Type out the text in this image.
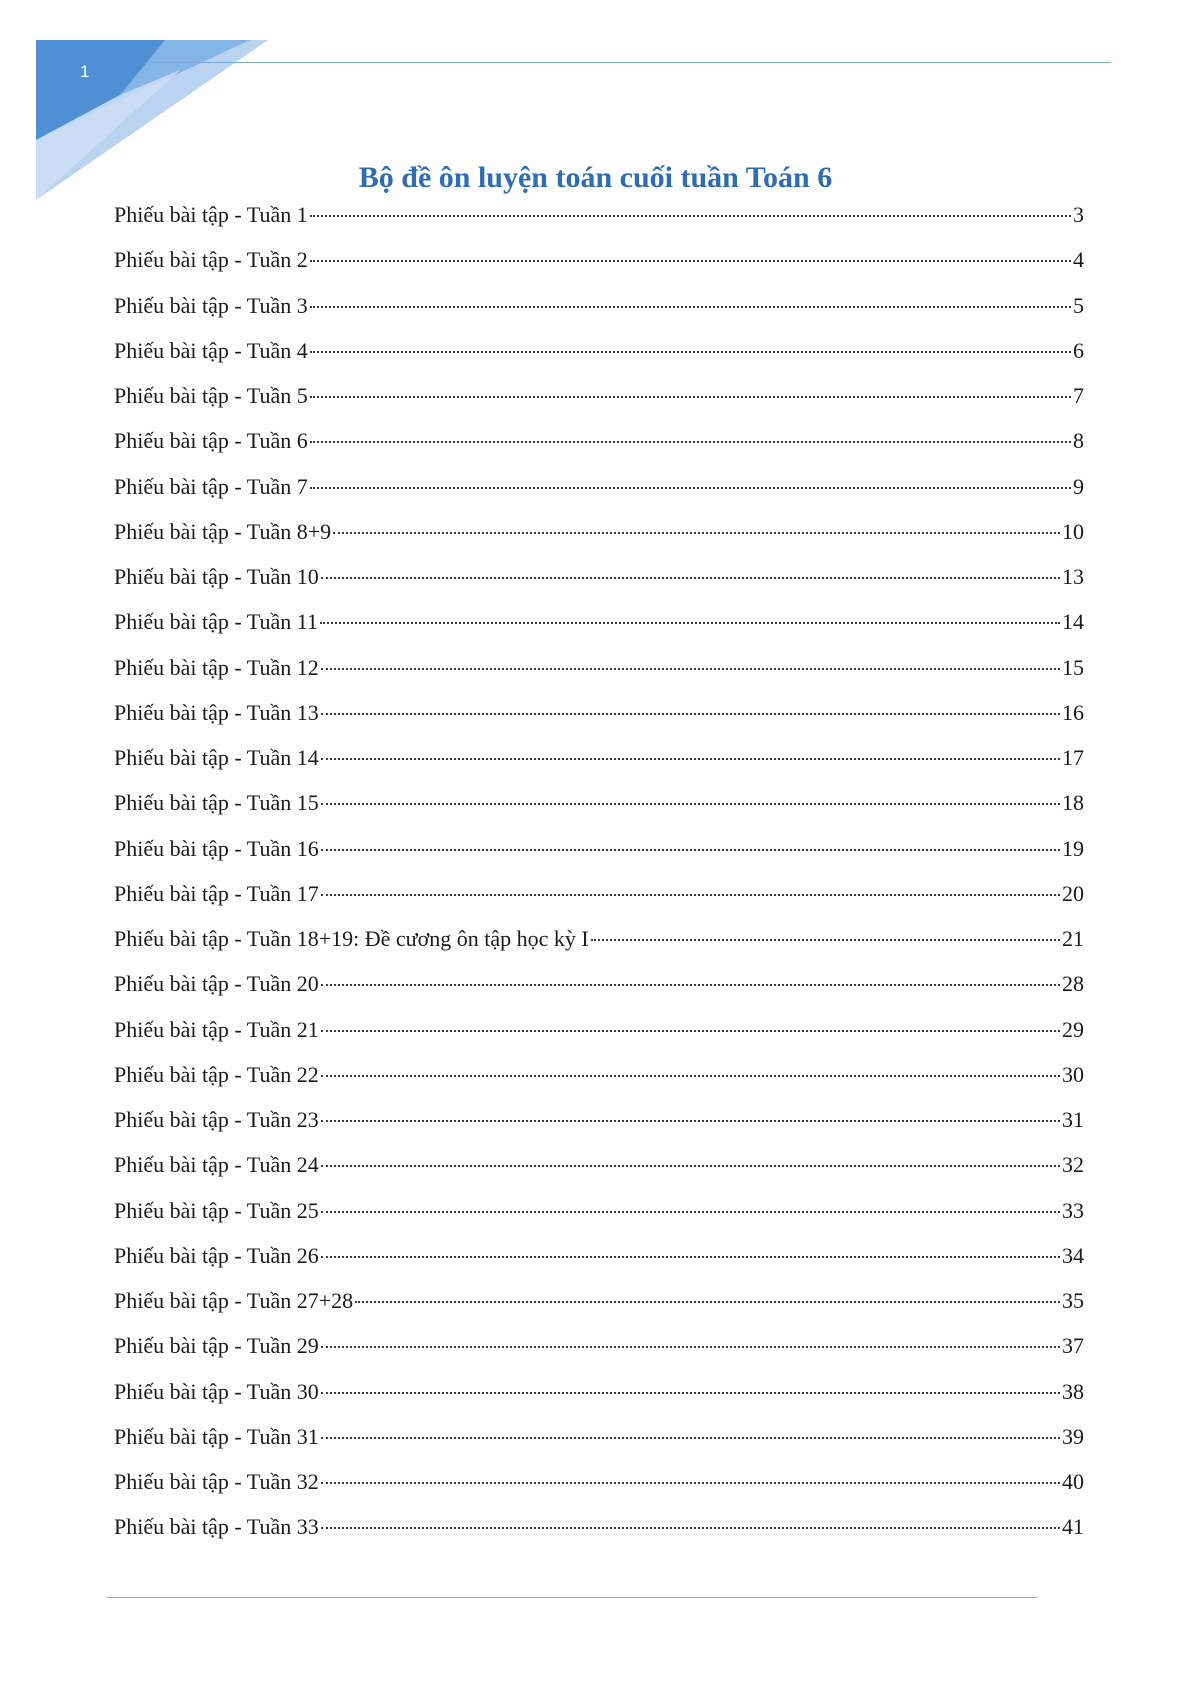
1
Bộ đề ôn luyện toán cuối tuần Toán 6
Phiếu bài tập - Tuần 1	3
Phiếu bài tập - Tuần 2	4
Phiếu bài tập - Tuần 3	5
Phiếu bài tập - Tuần 4	6
Phiếu bài tập - Tuần 5	7
Phiếu bài tập - Tuần 6	8
Phiếu bài tập - Tuần 7	9
Phiếu bài tập - Tuần 8+9	10
Phiếu bài tập - Tuần 10	13
Phiếu bài tập - Tuần 11	14
Phiếu bài tập - Tuần 12	15
Phiếu bài tập - Tuần 13	16
Phiếu bài tập - Tuần 14	17
Phiếu bài tập - Tuần 15	18
Phiếu bài tập - Tuần 16	19
Phiếu bài tập - Tuần 17	20
Phiếu bài tập - Tuần 18+19: Đề cương ôn tập học kỳ I	21
Phiếu bài tập - Tuần 20	28
Phiếu bài tập - Tuần 21	29
Phiếu bài tập - Tuần 22	30
Phiếu bài tập - Tuần 23	31
Phiếu bài tập - Tuần 24	32
Phiếu bài tập - Tuần 25	33
Phiếu bài tập - Tuần 26	34
Phiếu bài tập - Tuần 27+28	35
Phiếu bài tập - Tuần 29	37
Phiếu bài tập - Tuần 30	38
Phiếu bài tập - Tuần 31	39
Phiếu bài tập - Tuần 32	40
Phiếu bài tập - Tuần 33	41
